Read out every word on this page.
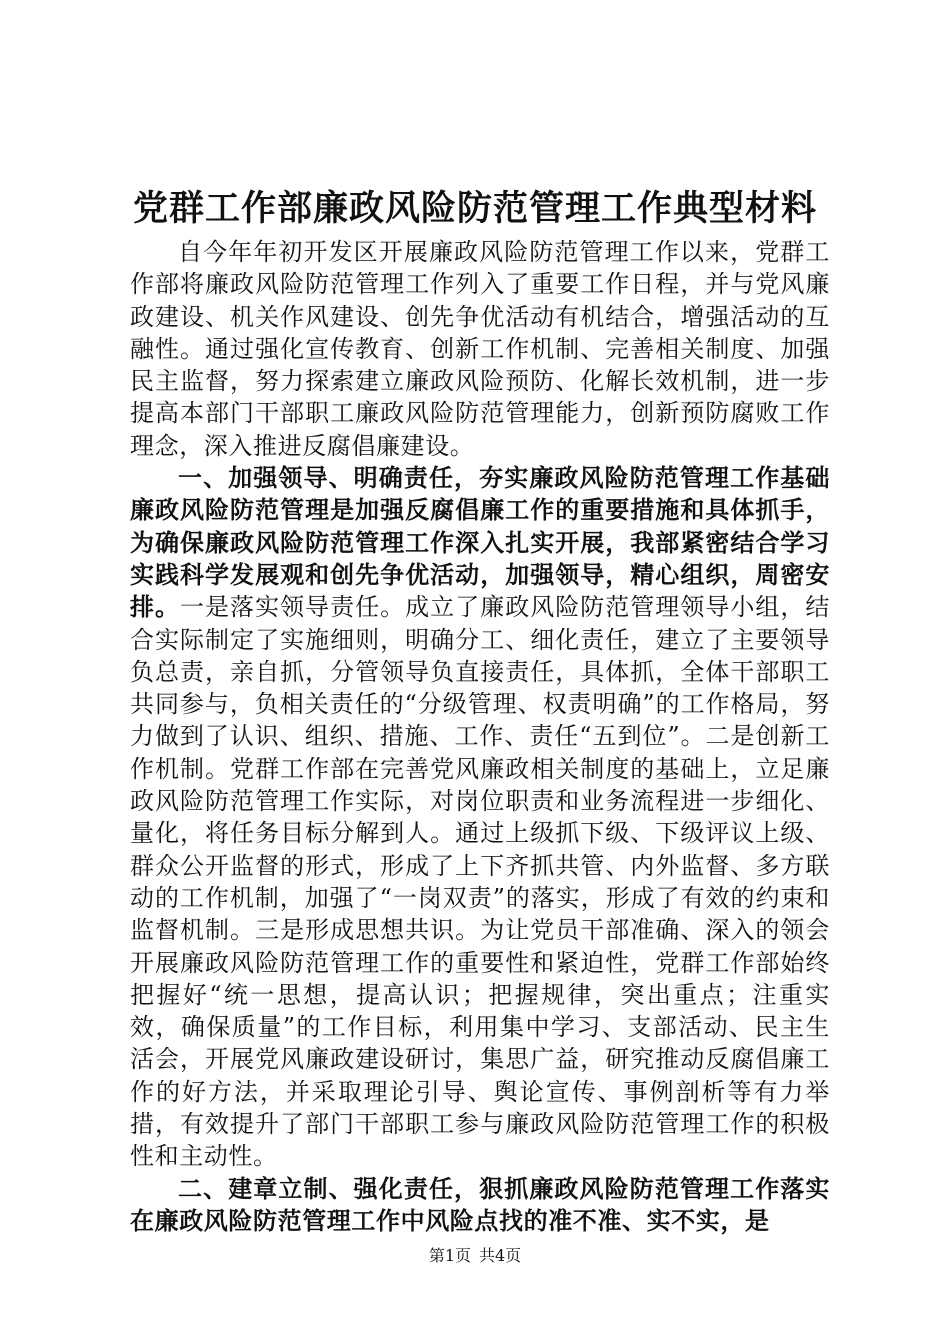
党群工作部廉政风险防范管理工作典型材料

自今年年初开发区开展廉政风险防范管理工作以来，党群工作部将廉政风险防范管理工作列入了重要工作日程，并与党风廉政建设、机关作风建设、创先争优活动有机结合，增强活动的互融性。通过强化宣传教育、创新工作机制、完善相关制度、加强民主监督，努力探索建立廉政风险预防、化解长效机制，进一步提高本部门干部职工廉政风险防范管理能力，创新预防腐败工作理念，深入推进反腐倡廉建设。

一、加强领导、明确责任，夯实廉政风险防范管理工作基础廉政风险防范管理是加强反腐倡廉工作的重要措施和具体抓手，为确保廉政风险防范管理工作深入扎实开展，我部紧密结合学习实践科学发展观和创先争优活动，加强领导，精心组织，周密安排。一是落实领导责任。成立了廉政风险防范管理领导小组，结合实际制定了实施细则，明确分工、细化责任，建立了主要领导负总责，亲自抓，分管领导负直接责任，具体抓，全体干部职工共同参与，负相关责任的“分级管理、权责明确”的工作格局，努力做到了认识、组织、措施、工作、责任“五到位”。二是创新工作机制。党群工作部在完善党风廉政相关制度的基础上，立足廉政风险防范管理工作实际，对岗位职责和业务流程进一步细化、量化，将任务目标分解到人。通过上级抓下级、下级评议上级、群众公开监督的形式，形成了上下齐抓共管、内外监督、多方联动的工作机制，加强了“一岗双责”的落实，形成了有效的约束和监督机制。三是形成思想共识。为让党员干部准确、深入的领会开展廉政风险防范管理工作的重要性和紧迫性，党群工作部始终把握好“统一思想，提高认识；把握规律，突出重点；注重实效，确保质量”的工作目标，利用集中学习、支部活动、民主生活会，开展党风廉政建设研讨，集思广益，研究推动反腐倡廉工作的好方法，并采取理论引导、舆论宣传、事例剖析等有力举措，有效提升了部门干部职工参与廉政风险防范管理工作的积极性和主动性。

二、建章立制、强化责任，狠抓廉政风险防范管理工作落实在廉政风险防范管理工作中风险点找的准不准、实不实，是

第1页 共4页
